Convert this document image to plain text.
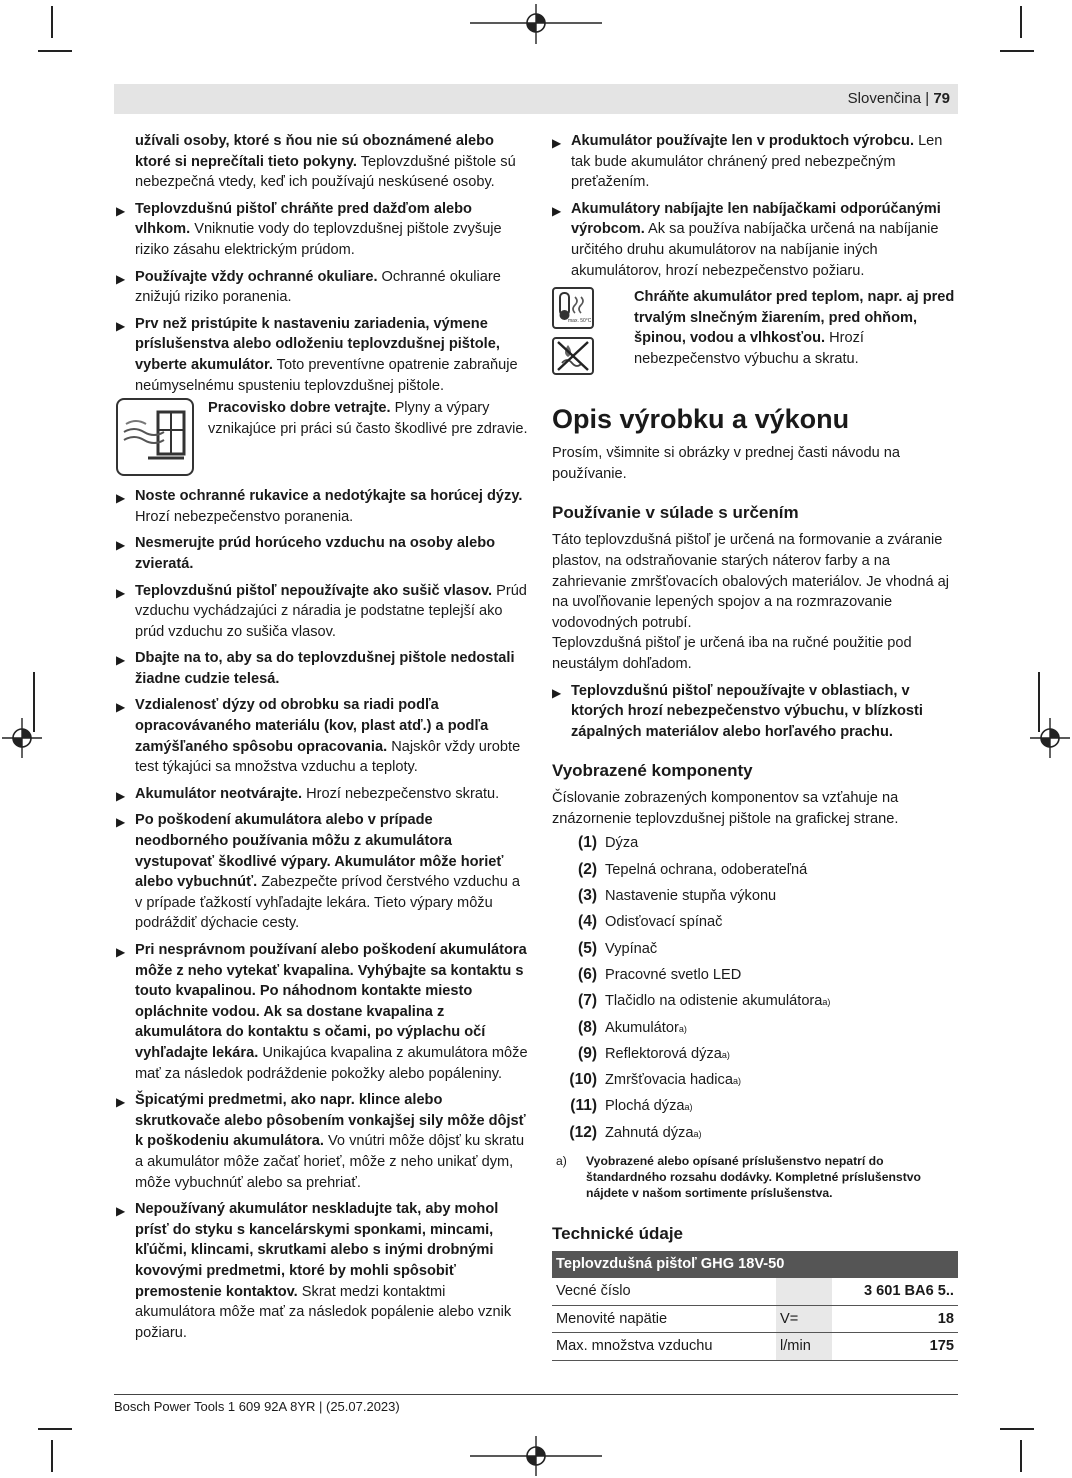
Slovenčina | 79

užívali osoby, ktoré s ňou nie sú oboznámené alebo ktoré si neprečítali tieto pokyny. Teplovzdušné pištole sú nebezpečná vtedy, keď ich používajú neskúsené osoby.

▶ Teplovzdušnú pištoľ chráňte pred dažďom alebo vlhkom. Vniknutie vody do teplovzdušnej pištole zvyšuje riziko zásahu elektrickým prúdom.
▶ Používajte vždy ochranné okuliare. Ochranné okuliare znižujú riziko poranenia.
▶ Prv než pristúpite k nastaveniu zariadenia, výmene príslušenstva alebo odloženiu teplovzdušnej pištole, vyberte akumulátor. Toto preventívne opatrenie zabraňuje neúmyselnému spusteniu teplovzdušnej pištole.

Pracovisko dobre vetrajte. Plyny a výpary vznikajúce pri práci sú často škodlivé pre zdravie.

▶ Noste ochranné rukavice a nedotýkajte sa horúcej dýzy. Hrozí nebezpečenstvo poranenia.
▶ Nesmerujte prúd horúceho vzduchu na osoby alebo zvieratá.
▶ Teplovzdušnú pištoľ nepoužívajte ako sušič vlasov. Prúd vzduchu vychádzajúci z náradia je podstatne teplejší ako prúd vzduchu zo sušiča vlasov.
▶ Dbajte na to, aby sa do teplovzdušnej pištole nedostali žiadne cudzie telesá.
▶ Vzdialenosť dýzy od obrobku sa riadi podľa opracovávaného materiálu (kov, plast atď.) a podľa zamýšľaného spôsobu opracovania. Najskôr vždy urobte test týkajúci sa množstva vzduchu a teploty.
▶ Akumulátor neotvárajte. Hrozí nebezpečenstvo skratu.
▶ Po poškodení akumulátora alebo v prípade neodborného používania môžu z akumulátora vystupovať škodlivé výpary. Akumulátor môže horieť alebo vybuchnúť. Zabezpečte prívod čerstvého vzduchu a v prípade ťažkostí vyhľadajte lekára. Tieto výpary môžu podráždiť dýchacie cesty.
▶ Pri nesprávnom používaní alebo poškodení akumulátora môže z neho vytekať kvapalina. Vyhýbajte sa kontaktu s touto kvapalinou. Po náhodnom kontakte miesto opláchnite vodou. Ak sa dostane kvapalina z akumulátora do kontaktu s očami, po výplachu očí vyhľadajte lekára. Unikajúca kvapalina z akumulátora môže mať za následok podráždenie pokožky alebo popáleniny.
▶ Špicatými predmetmi, ako napr. klince alebo skrutkovače alebo pôsobením vonkajšej sily môže dôjsť k poškodeniu akumulátora. Vo vnútri môže dôjsť ku skratu a akumulátor môže začať horieť, môže z neho unikať dym, môže vybuchnúť alebo sa prehriať.
▶ Nepoužívaný akumulátor neskladujte tak, aby mohol prísť do styku s kancelárskymi sponkami, mincami, kľúčmi, klincami, skrutkami alebo s inými drobnými kovovými predmetmi, ktoré by mohli spôsobiť premostenie kontaktov. Skrat medzi kontaktmi akumulátora môže mať za následok popálenie alebo vznik požiaru.
▶ Akumulátor používajte len v produktoch výrobcu. Len tak bude akumulátor chránený pred nebezpečným preťažením.
▶ Akumulátory nabíjajte len nabíjačkami odporúčanými výrobcom. Ak sa používa nabíjačka určená na nabíjanie určitého druhu akumulátorov na nabíjanie iných akumulátorov, hrozí nebezpečenstvo požiaru.
max. 50°C

Chráňte akumulátor pred teplom, napr. aj pred trvalým slnečným žiarením, pred ohňom, špinou, vodou a vlhkosťou. Hrozí nebezpečenstvo výbuchu a skratu.

Opis výrobku a výkonu

Prosím, všimnite si obrázky v prednej časti návodu na používanie.

Používanie v súlade s určením

Táto teplovzdušná pištoľ je určená na formovanie a zváranie plastov, na odstraňovanie starých náterov farby a na zahrievanie zmršťovacích obalových materiálov. Je vhodná aj na uvoľňovanie lepených spojov a na rozmrazovanie vodovodných potrubí.

Teplovzdušná pištoľ je určená iba na ručné použitie pod neustálym dohľadom.

▶ Teplovzdušnú pištoľ nepoužívajte v oblastiach, v ktorých hrozí nebezpečenstvo výbuchu, v blízkosti zápalných materiálov alebo horľavého prachu.
Vyobrazené komponenty

Číslovanie zobrazených komponentov sa vzťahuje na znázornenie teplovzdušnej pištole na grafickej strane.

(1) Dýza
(2) Tepelná ochrana, odoberateľná
(3) Nastavenie stupňa výkonu
(4) Odisťovací spínač
(5) Vypínač
(6) Pracovné svetlo LED
(7) Tlačidlo na odistenie akumulátora a)
(8) Akumulátor a)
(9) Reflektorová dýza a)
(10) Zmršťovacia hadica a)
(11) Plochá dýza a)
(12) Zahnutá dýza a)
a)	Vyobrazené alebo opísané príslušenstvo nepatrí do štandardného rozsahu dodávky. Kompletné príslušenstvo nájdete v našom sortimente príslušenstva.
Technické údaje
Teplovzdušná pištoľ GHG 18V-50		
Vecné číslo		3 601 BA6 5..
Menovité napätie	V=	18
Max. množstva vzduchu	l/min	175
Bosch Power Tools 1 609 92A 8YR | (25.07.2023)
